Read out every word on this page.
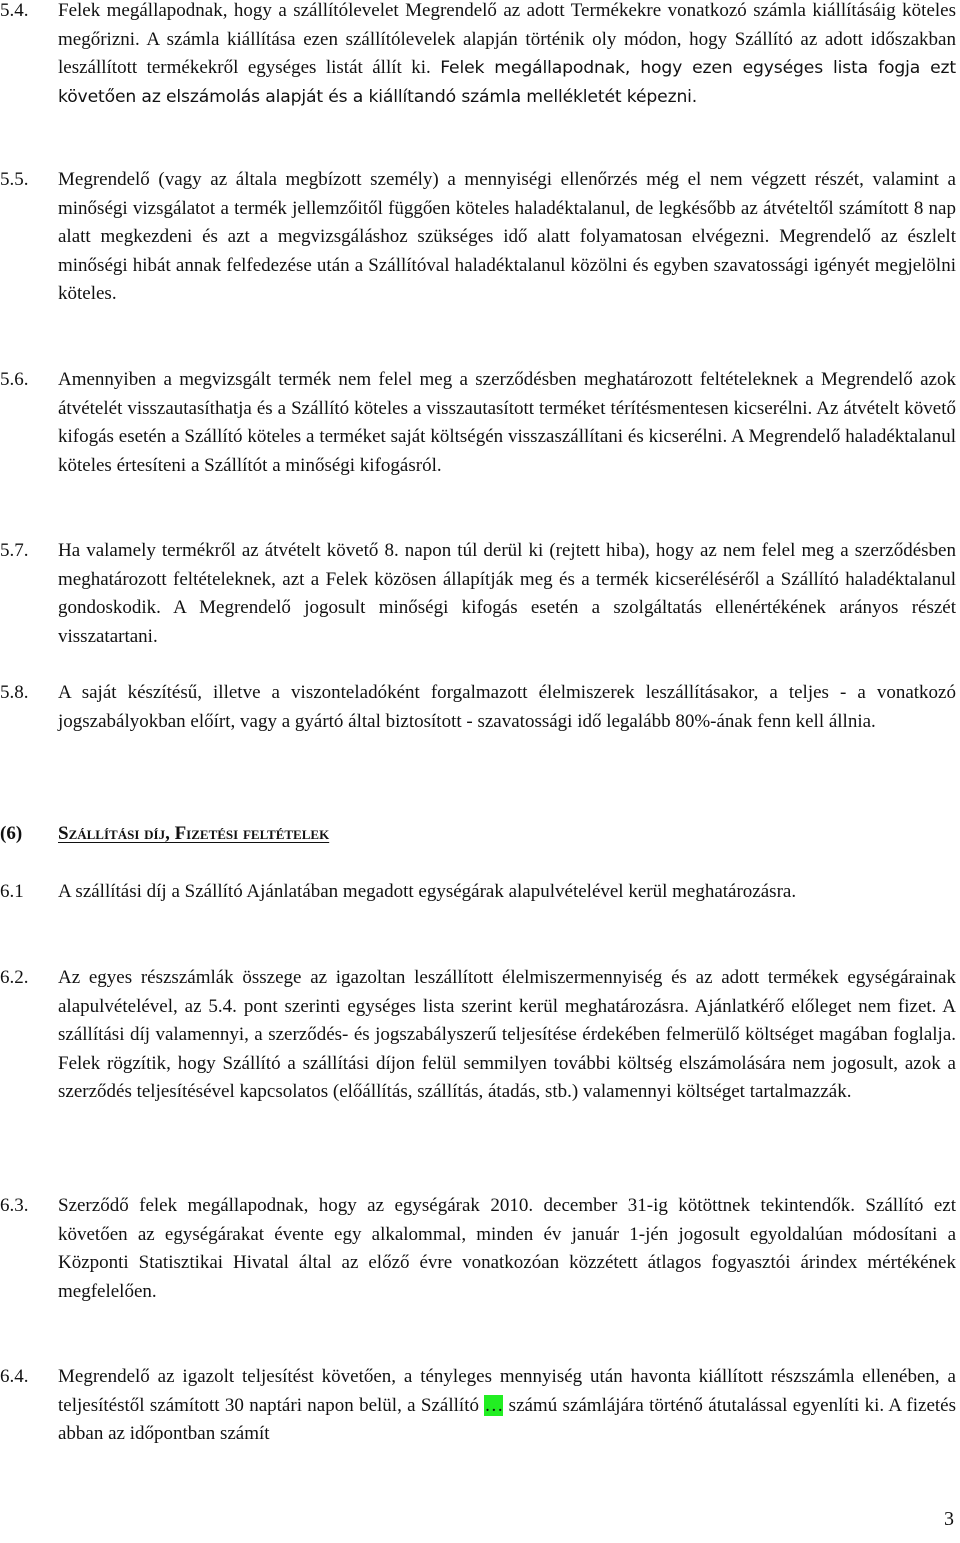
5.4.	Felek megállapodnak, hogy a szállítólevelet Megrendelő az adott Termékekre vonatkozó számla kiállításáig köteles megőrizni. A számla kiállítása ezen szállítólevelek alapján történik oly módon, hogy Szállító az adott időszakban leszállított termékekről egységes listát állít ki. Felek megállapodnak, hogy ezen egységes lista fogja ezt követően az elszámolás alapját és a kiállítandó számla mellékletét képezni.
5.5.	Megrendelő (vagy az általa megbízott személy) a mennyiségi ellenőrzés még el nem végzett részét, valamint a minőségi vizsgálatot a termék jellemzőitől függően köteles haladéktalanul, de legkésőbb az átvételtől számított 8 nap alatt megkezdeni és azt a megvizsgáláshoz szükséges idő alatt folyamatosan elvégezni. Megrendelő az észlelt minőségi hibát annak felfedezése után a Szállítóval haladéktalanul közölni és egyben szavatossági igényét megjelölni köteles.
5.6.	Amennyiben a megvizsgált termék nem felel meg a szerződésben meghatározott feltételeknek a Megrendelő azok átvételét visszautasíthatja és a Szállító köteles a visszautasított terméket térítésmentesen kicserélni. Az átvételt követő kifogás esetén a Szállító köteles a terméket saját költségén visszaszállítani és kicserélni. A Megrendelő haladéktalanul köteles értesíteni a Szállítót a minőségi kifogásról.
5.7.	Ha valamely termékről az átvételt követő 8. napon túl derül ki (rejtett hiba), hogy az nem felel meg a szerződésben meghatározott feltételeknek, azt a Felek közösen állapítják meg és a termék kicseréléséről a Szállító haladéktalanul gondoskodik. A Megrendelő jogosult minőségi kifogás esetén a szolgáltatás ellenértékének arányos részét visszatartani.
5.8.	A saját készítésű, illetve a viszonteladóként forgalmazott élelmiszerek leszállításakor, a teljes - a vonatkozó jogszabályokban előírt, vagy a gyártó által biztosított - szavatossági idő legalább 80%-ának fenn kell állnia.
(6)	Szállítási díj, Fizetési feltételek
6.1	A szállítási díj a Szállító Ajánlatában megadott egységárak alapulvételével kerül meghatározásra.
6.2.	Az egyes részszámlák összege az igazoltan leszállított élelmiszermennyiség és az adott termékek egységárainak alapulvételével, az 5.4. pont szerinti egységes lista szerint kerül meghatározásra. Ajánlatkérő előleget nem fizet. A szállítási díj valamennyi, a szerződés- és jogszabályszerű teljesítése érdekében felmerülő költséget magában foglalja. Felek rögzítik, hogy Szállító a szállítási díjon felül semmilyen további költség elszámolására nem jogosult, azok a szerződés teljesítésével kapcsolatos (előállítás, szállítás, átadás, stb.) valamennyi költséget tartalmazzák.
6.3.	Szerződő felek megállapodnak, hogy az egységárak 2010. december 31-ig kötöttnek tekintendők. Szállító ezt követően az egységárakat évente egy alkalommal, minden év január 1-jén jogosult egyoldalúan módosítani a Központi Statisztikai Hivatal által az előző évre vonatkozóan közzétett átlagos fogyasztói árindex mértékének megfelelően.
6.4.	Megrendelő az igazolt teljesítést követően, a tényleges mennyiség után havonta kiállított részszámla ellenében, a teljesítéstől számított 30 naptári napon belül, a Szállító … számú számlájára történő átutalással egyenlíti ki. A fizetés abban az időpontban számít
3
